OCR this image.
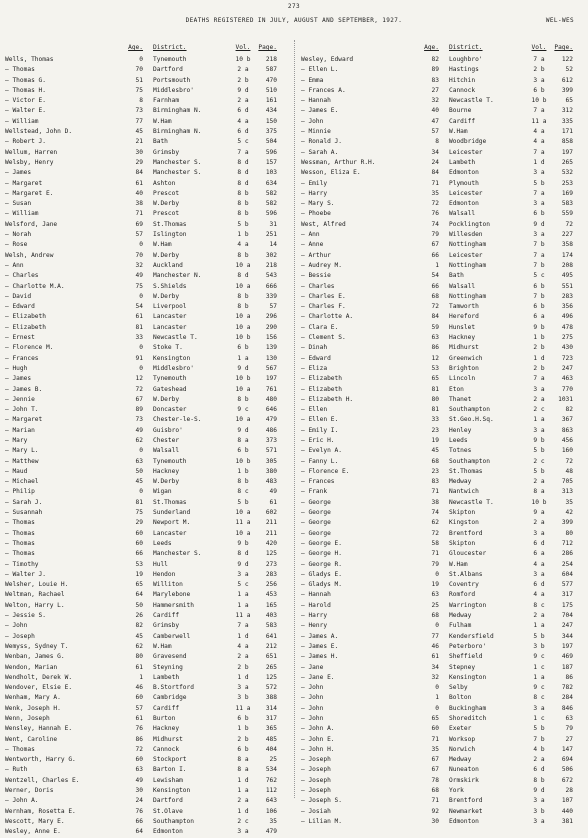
273
DEATHS REGISTERED IN JULY, AUGUST AND SEPTEMBER, 1927.	WEL-WES
Age.	District.	Vol.	Page.
Wells, Thomas	0	Tynemouth	10 b	218
— Thomas	70	Dartford	2 a	587
— Thomas G.	51	Portsmouth	2 b	470
— Thomas H.	75	Middlesbro'	9 d	510
— Victor E.	8	Farnham	2 a	161
— Walter E.	73	Birmingham N.	6 d	434
— William	77	W.Ham	4 a	150
Wellstead, John D.	45	Birmingham N.	6 d	375
— Robert J.	21	Bath	5 c	504
Wellum, Harren	30	Grimsby	7 a	596
Welsby, Henry	29	Manchester S.	8 d	157
— James	84	Manchester S.	8 d	103
— Margaret	61	Ashton	8 d	634
— Margaret E.	40	Prescot	8 b	582
— Susan	38	W.Derby	8 b	582
— William	71	Prescot	8 b	596
Welsford, Jane	69	St.Thomas	5 b	31
— Norah	57	Islington	1 b	251
— Rose	0	W.Ham	4 a	14
Welsh, Andrew	70	W.Derby	8 b	302
— Ann	32	Auckland	10 a	218
— Charles	49	Manchester N.	8 d	543
— Charlotte M.A.	75	S.Shields	10 a	666
— David	0	W.Derby	8 b	339
— Edward	54	Liverpool	8 b	57
— Elizabeth	61	Lancaster	10 a	296
— Elizabeth	81	Lancaster	10 a	290
— Ernest	33	Newcastle T.	10 b	156
— Florence M.	0	Stoke T.	6 b	139
— Frances	91	Kensington	1 a	130
— Hugh	0	Middlesbro'	9 d	567
— James	12	Tynemouth	10 b	197
— James B.	72	Gateshead	10 a	761
— Jennie	67	W.Derby	8 b	480
— John T.	89	Doncaster	9 c	646
— Margaret	73	Chester-le-S.	10 a	479
— Marian	49	Guisbro'	9 d	486
— Mary	62	Chester	8 a	373
— Mary L.	0	Walsall	6 b	571
— Matthew	63	Tynemouth	10 b	305
— Maud	50	Hackney	1 b	380
— Michael	45	W.Derby	8 b	483
— Philip	0	Wigan	8 c	49
— Sarah J.	81	St.Thomas	5 b	61
— Susannah	75	Sunderland	10 a	602
— Thomas	29	Newport M.	11 a	211
— Thomas	60	Lancaster	10 a	211
— Thomas	60	Leeds	9 b	420
— Thomas	66	Manchester S.	8 d	125
— Timothy	53	Hull	9 d	273
— Walter J.	19	Hendon	3 a	283
Welsher, Louie H.	65	Williton	5 c	256
Weltman, Rachael	64	Marylebone	1 a	453
Welton, Harry L.	50	Hammersmith	1 a	165
— Jessie S.	26	Cardiff	11 a	403
— John	82	Grimsby	7 a	583
— Joseph	45	Camberwell	1 d	641
Wemyss, Sydney T.	62	W.Ham	4 a	212
Wenban, James G.	80	Gravesend	2 a	651
Wendon, Marian	61	Steyning	2 b	265
Wendholt, Derek W.	1	Lambeth	1 d	125
Wendover, Elsie E.	46	B.Stortford	3 a	572
Wenham, Mary A.	60	Cambridge	3 b	388
Wenk, Joseph H.	57	Cardiff	11 a	314
Wenn, Joseph	61	Burton	6 b	317
Wensley, Hannah E.	76	Hackney	1 b	365
Went, Caroline	86	Midhurst	2 b	485
— Thomas	72	Cannock	6 b	404
Wentworth, Harry G.	60	Stockport	8 a	25
— Ruth	63	Barton I.	8 a	534
Wentzell, Charles E.	49	Lewisham	1 d	762
Werner, Doris	30	Kensington	1 a	112
— John A.	24	Dartford	2 a	643
Wernham, Rosetta E.	76	St.Olave	1 d	106
Wescott, Mary E.	66	Southampton	2 c	35
Wesley, Anne E.	64	Edmonton	3 a	479
Age.	District.	Vol.	Page.
Wesley, Edward	82	Loughbro'	7 a	122
— Ellen L.	89	Hastings	2 b	52
— Emma	83	Hitchin	3 a	612
— Frances A.	27	Cannock	6 b	399
— Hannah	32	Newcastle T.	10 b	65
— James E.	40	Bourne	7 a	312
— John	47	Cardiff	11 a	335
— Minnie	57	W.Ham	4 a	171
— Ronald J.	8	Woodbridge	4 a	858
— Sarah A.	34	Leicester	7 a	197
Wessman, Arthur R.H.	24	Lambeth	1 d	265
Wesson, Eliza E.	84	Edmonton	3 a	532
— Emily	71	Plymouth	5 b	253
— Harry	35	Leicester	7 a	169
— Mary S.	72	Edmonton	3 a	583
— Phoebe	76	Walsall	6 b	559
West, Alfred	74	Pocklington	9 d	72
— Ann	79	Willesden	3 a	227
— Anne	67	Nottingham	7 b	358
— Arthur	66	Leicester	7 a	174
— Audrey M.	1	Nottingham	7 b	208
— Bessie	54	Bath	5 c	495
— Charles	66	Walsall	6 b	551
— Charles E.	68	Nottingham	7 b	283
— Charles F.	72	Tamworth	6 b	356
— Charlotte A.	84	Hereford	6 a	496
— Clara E.	59	Hunslet	9 b	478
— Clement S.	63	Hackney	1 b	275
— Dinah	86	Midhurst	2 b	430
— Edward	12	Greenwich	1 d	723
— Eliza	53	Brighton	2 b	247
— Elizabeth	65	Lincoln	7 a	463
— Elizabeth	81	Eton	3 a	770
— Elizabeth H.	80	Thanet	2 a	1031
— Ellen	81	Southampton	2 c	82
— Ellen E.	33	St.Geo.H.Sq.	1 a	367
— Emily I.	23	Henley	3 a	863
— Eric H.	19	Leeds	9 b	456
— Evelyn A.	45	Totnes	5 b	160
— Fanny L.	68	Southampton	2 c	72
— Florence E.	23	St.Thomas	5 b	48
— Frances	83	Medway	2 a	705
— Frank	71	Nantwich	8 a	313
— George	38	Newcastle T.	10 b	35
— George	74	Skipton	9 a	42
— George	62	Kingston	2 a	399
— George	72	Brentford	3 a	80
— George E.	58	Skipton	6 d	712
— George H.	71	Gloucester	6 a	286
— George R.	79	W.Ham	4 a	254
— Gladys E.	0	St.Albans	3 a	604
— Gladys M.	19	Coventry	6 d	577
— Hannah	63	Romford	4 a	317
— Harold	25	Warrington	8 c	175
— Harry	68	Medway	2 a	704
— Henry	0	Fulham	1 a	247
— James A.	77	Kendersfield	5 b	344
— James E.	46	Peterboro'	3 b	197
— James H.	61	Sheffield	9 c	469
— Jane	34	Stepney	1 c	187
— Jane E.	32	Kensington	1 a	86
— John	0	Selby	9 c	782
— John	1	Bolton	8 c	284
— John	0	Buckingham	3 a	846
— John	65	Shoreditch	1 c	63
— John A.	60	Exeter	5 b	79
— John E.	71	Worksop	7 b	27
— John H.	35	Norwich	4 b	147
— Joseph	67	Medway	2 a	694
— Joseph	67	Nuneaton	6 d	506
— Joseph	78	Ormskirk	8 b	672
— Joseph	68	York	9 d	28
— Joseph S.	71	Brentford	3 a	107
— Josiah	92	Newmarket	3 b	440
— Lilian M.	30	Edmonton	3 a	381
